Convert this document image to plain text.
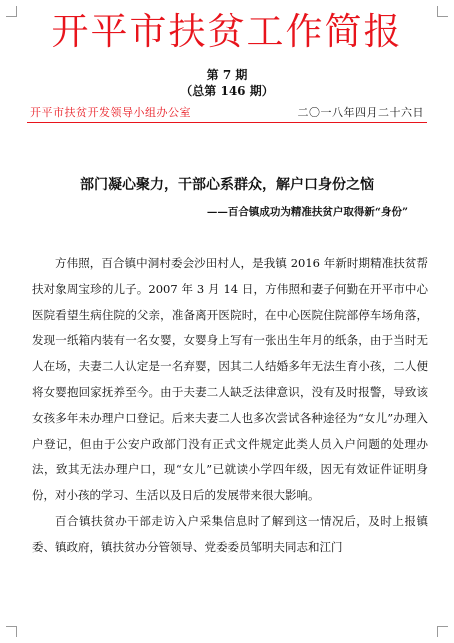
开平市扶贫工作简报
第 7 期
（总第 146 期）
开平市扶贫开发领导小组办公室	二〇一八年四月二十六日
部门凝心聚力，干部心系群众，解户口身份之恼
——百合镇成功为精准扶贫户取得新“身份”

方伟照，百合镇中洞村委会沙田村人，是我镇 2016 年新时期精准扶贫帮扶对象周宝珍的儿子。2007 年 3 月 14 日，方伟照和妻子何勤在开平市中心医院看望生病住院的父亲，准备离开医院时，在中心医院住院部停车场角落，发现一纸箱内装有一名女婴，女婴身上写有一张出生年月的纸条，由于当时无人在场，夫妻二人认定是一名弃婴，因其二人结婚多年无法生育小孩，二人便将女婴抱回家抚养至今。由于夫妻二人缺乏法律意识，没有及时报警，导致该女孩多年未办理户口登记。后来夫妻二人也多次尝试各种途径为“女儿”办理入户登记，但由于公安户政部门没有正式文件规定此类人员入户问题的处理办法，致其无法办理户口，现“女儿”已就读小学四年级，因无有效证件证明身份，对小孩的学习、生活以及日后的发展带来很大影响。

百合镇扶贫办干部走访入户采集信息时了解到这一情况后，及时上报镇委、镇政府，镇扶贫办分管领导、党委委员邹明夫同志和江门
